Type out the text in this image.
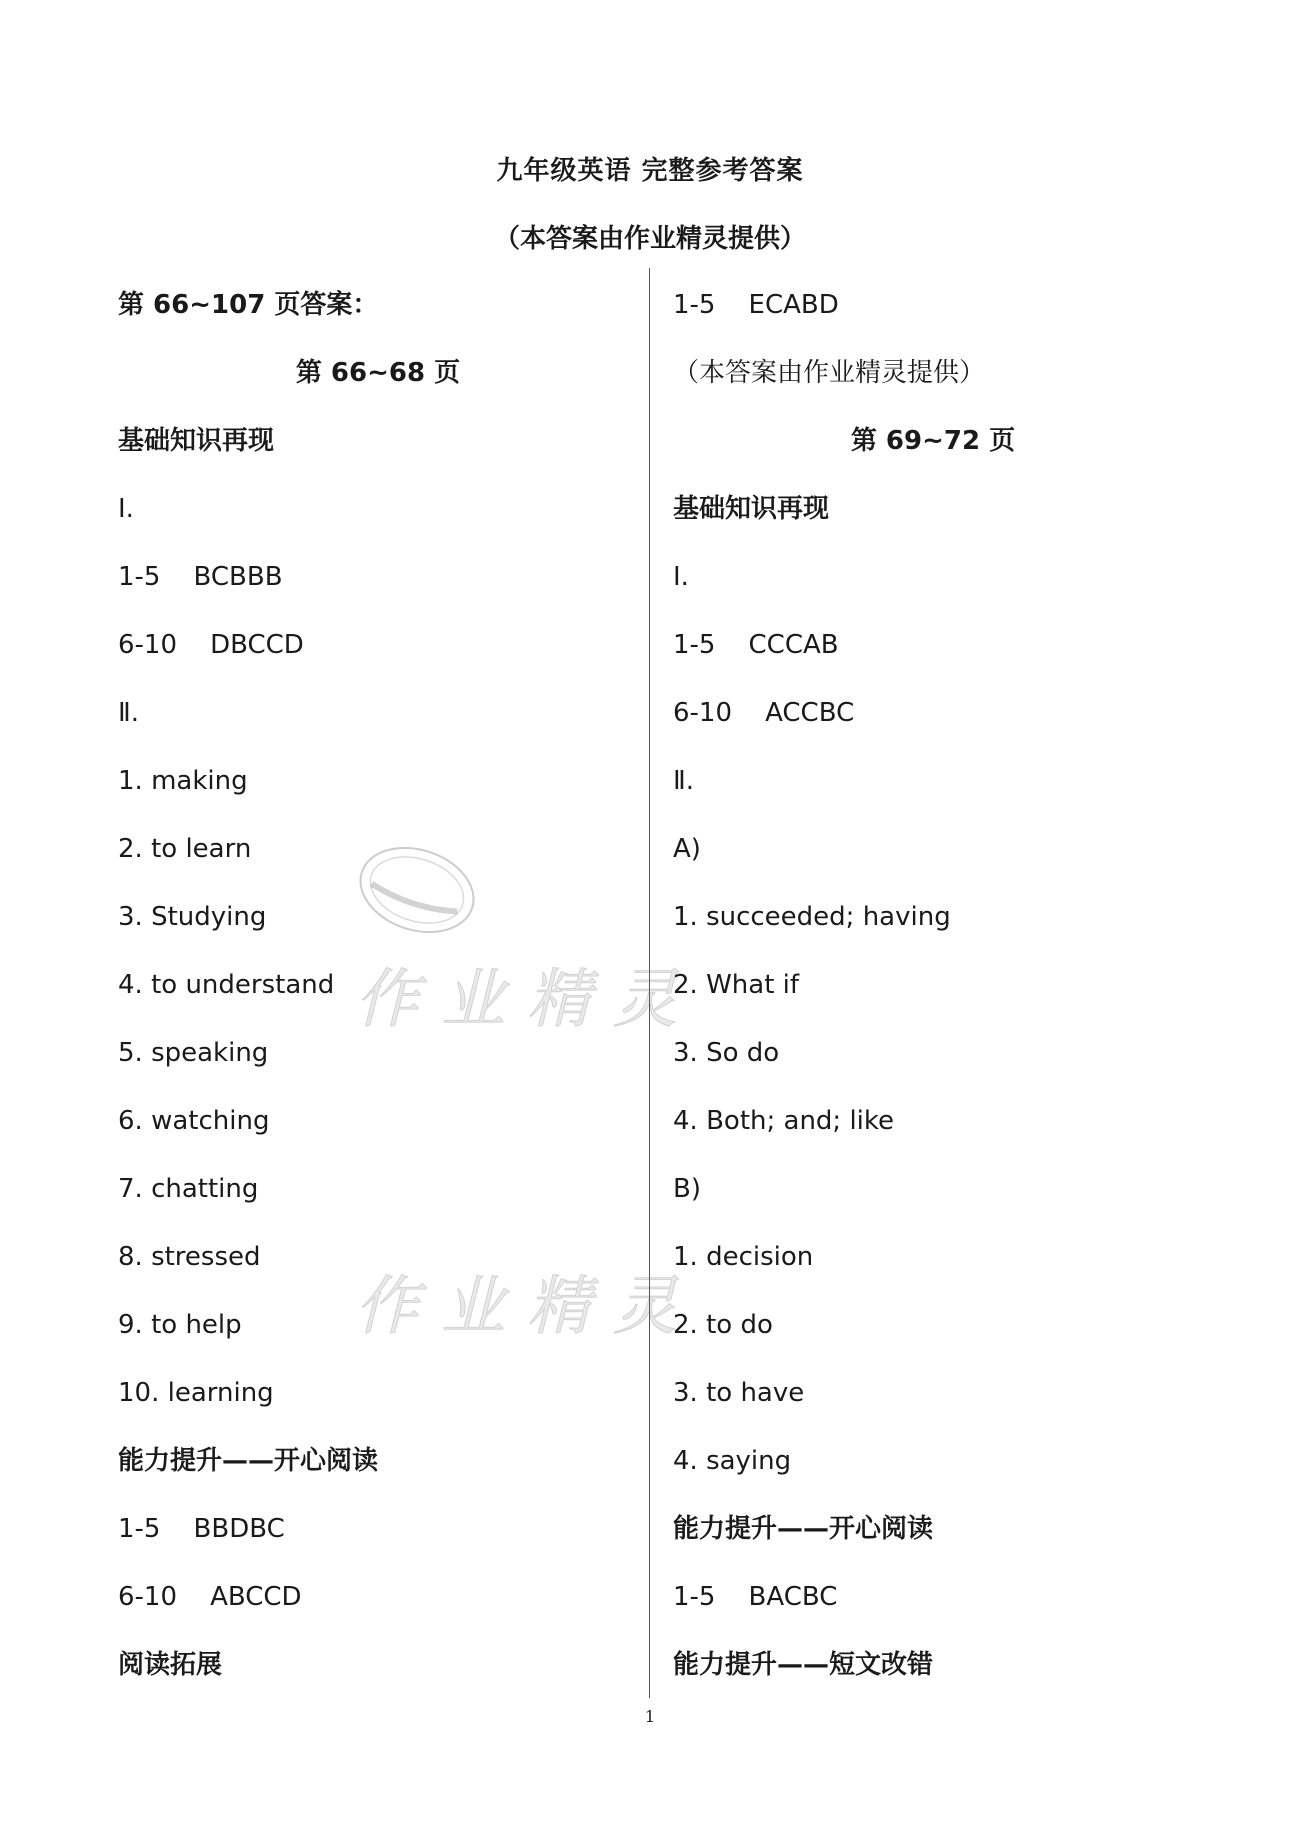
九年级英语 完整参考答案
（本答案由作业精灵提供）
第 66~107 页答案：
第 66~68 页
基础知识再现
Ⅰ.
1-5    BCBBB
6-10    DBCCD
Ⅱ.
1. making
2. to learn
3. Studying
4. to understand
5. speaking
6. watching
7. chatting
8. stressed
9. to help
10. learning
能力提升——开心阅读
1-5    BBDBC
6-10    ABCCD
阅读拓展
1-5    ECABD
（本答案由作业精灵提供）
第 69~72 页
基础知识再现
Ⅰ.
1-5    CCCAB
6-10    ACCBC
Ⅱ.
A)
1. succeeded; having
2. What if
3. So do
4. Both; and; like
B)
1. decision
2. to do
3. to have
4. saying
能力提升——开心阅读
1-5    BACBC
能力提升——短文改错
作业精灵
作业精灵
1
